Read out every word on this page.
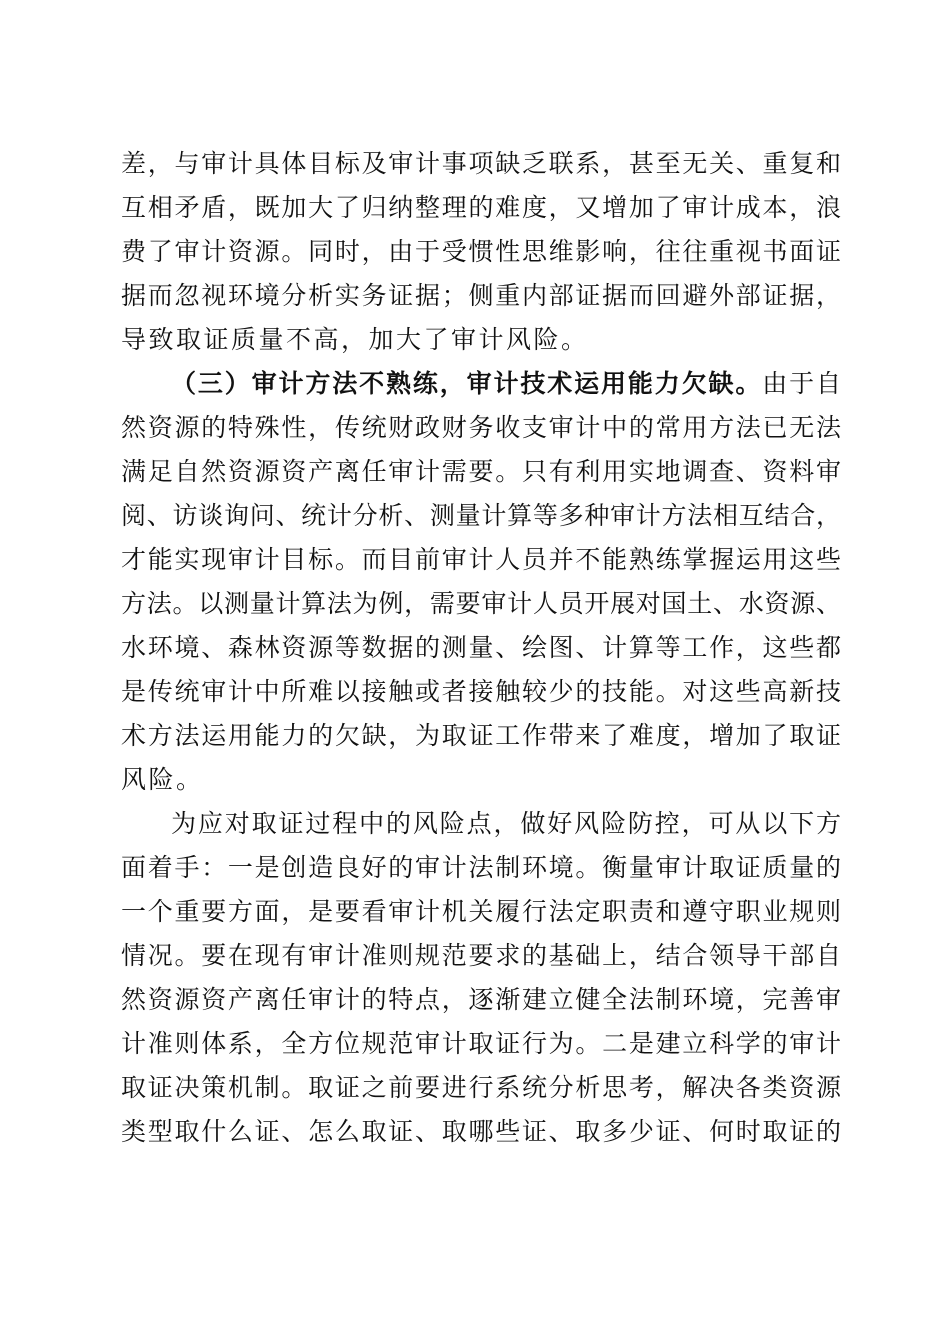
差，与审计具体目标及审计事项缺乏联系，甚至无关、重复和
互相矛盾，既加大了归纳整理的难度，又增加了审计成本，浪
费了审计资源。同时，由于受惯性思维影响，往往重视书面证
据而忽视环境分析实务证据；侧重内部证据而回避外部证据，
导致取证质量不高，加大了审计风险。
（三）审计方法不熟练，审计技术运用能力欠缺。由于自
然资源的特殊性，传统财政财务收支审计中的常用方法已无法
满足自然资源资产离任审计需要。只有利用实地调查、资料审
阅、访谈询问、统计分析、测量计算等多种审计方法相互结合，
才能实现审计目标。而目前审计人员并不能熟练掌握运用这些
方法。以测量计算法为例，需要审计人员开展对国土、水资源、
水环境、森林资源等数据的测量、绘图、计算等工作，这些都
是传统审计中所难以接触或者接触较少的技能。对这些高新技
术方法运用能力的欠缺，为取证工作带来了难度，增加了取证
风险。
为应对取证过程中的风险点，做好风险防控，可从以下方
面着手：一是创造良好的审计法制环境。衡量审计取证质量的
一个重要方面，是要看审计机关履行法定职责和遵守职业规则
情况。要在现有审计准则规范要求的基础上，结合领导干部自
然资源资产离任审计的特点，逐渐建立健全法制环境，完善审
计准则体系，全方位规范审计取证行为。二是建立科学的审计
取证决策机制。取证之前要进行系统分析思考，解决各类资源
类型取什么证、怎么取证、取哪些证、取多少证、何时取证的
